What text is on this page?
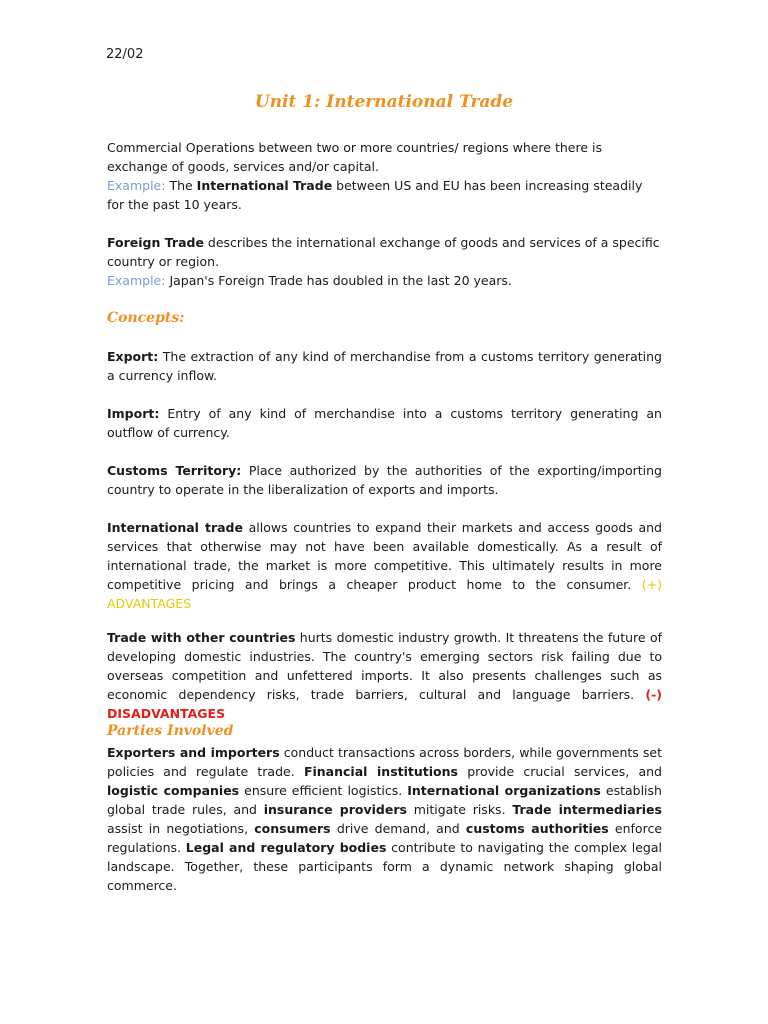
22/02
Unit 1: International Trade
Commercial Operations between two or more countries/ regions where there is exchange of goods, services and/or capital.
Example: The International Trade between US and EU has been increasing steadily for the past 10 years.
Foreign Trade describes the international exchange of goods and services of a specific country or region.
Example: Japan's Foreign Trade has doubled in the last 20 years.
Concepts:
Export: The extraction of any kind of merchandise from a customs territory generating a currency inflow.
Import: Entry of any kind of merchandise into a customs territory generating an outflow of currency.
Customs Territory: Place authorized by the authorities of the exporting/importing country to operate in the liberalization of exports and imports.
International trade allows countries to expand their markets and access goods and services that otherwise may not have been available domestically. As a result of international trade, the market is more competitive. This ultimately results in more competitive pricing and brings a cheaper product home to the consumer. (+) ADVANTAGES
Trade with other countries hurts domestic industry growth. It threatens the future of developing domestic industries. The country's emerging sectors risk failing due to overseas competition and unfettered imports. It also presents challenges such as economic dependency risks, trade barriers, cultural and language barriers. (-) DISADVANTAGES
Parties Involved
Exporters and importers conduct transactions across borders, while governments set policies and regulate trade. Financial institutions provide crucial services, and logistic companies ensure efficient logistics. International organizations establish global trade rules, and insurance providers mitigate risks. Trade intermediaries assist in negotiations, consumers drive demand, and customs authorities enforce regulations. Legal and regulatory bodies contribute to navigating the complex legal landscape. Together, these participants form a dynamic network shaping global commerce.
